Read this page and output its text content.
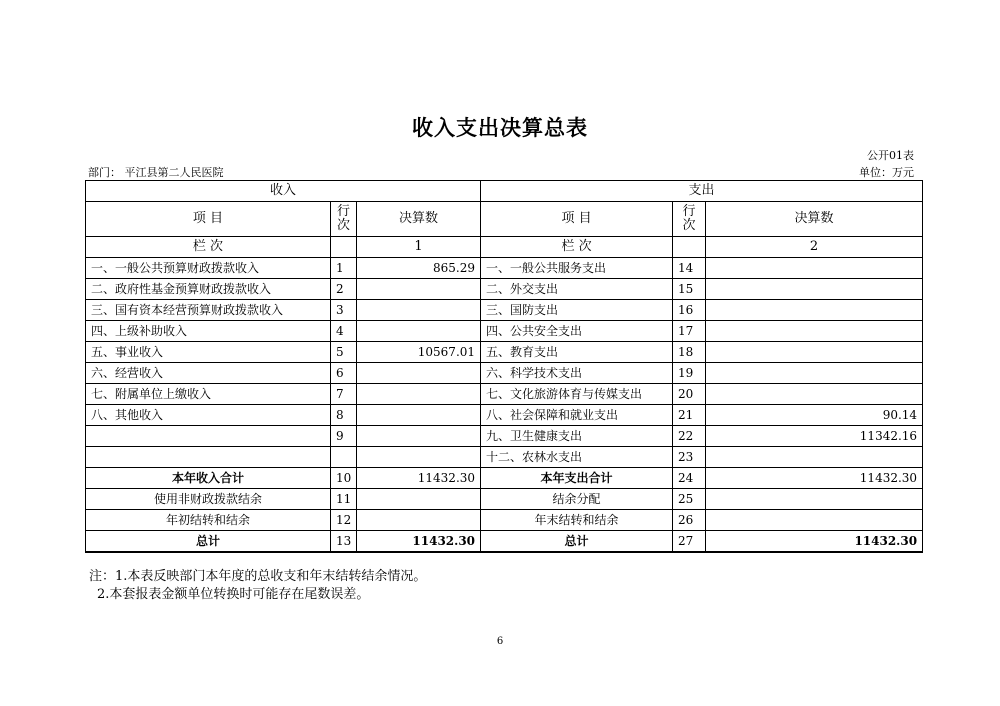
收入支出决算总表
公开01表
部门： 平江县第二人民医院	单位：万元
收入			支出		
项 目	行次	决算数	项 目	行次	决算数
栏 次		1	栏 次		2
一、一般公共预算财政拨款收入	1	865.29	一、一般公共服务支出	14	
二、政府性基金预算财政拨款收入	2		二、外交支出	15	
三、国有资本经营预算财政拨款收入	3		三、国防支出	16	
四、上级补助收入	4		四、公共安全支出	17	
五、事业收入	5	10567.01	五、教育支出	18	
六、经营收入	6		六、科学技术支出	19	
七、附属单位上缴收入	7		七、文化旅游体育与传媒支出	20	
八、其他收入	8		八、社会保障和就业支出	21	90.14
	9		九、卫生健康支出	22	11342.16
			十二、农林水支出	23	
本年收入合计	10	11432.30	本年支出合计	24	11432.30
使用非财政拨款结余	11		结余分配	25	
年初结转和结余	12		年末结转和结余	26	
总计	13	11432.30	总计	27	11432.30
注：1.本表反映部门本年度的总收支和年末结转结余情况。
2.本套报表金额单位转换时可能存在尾数误差。
6
